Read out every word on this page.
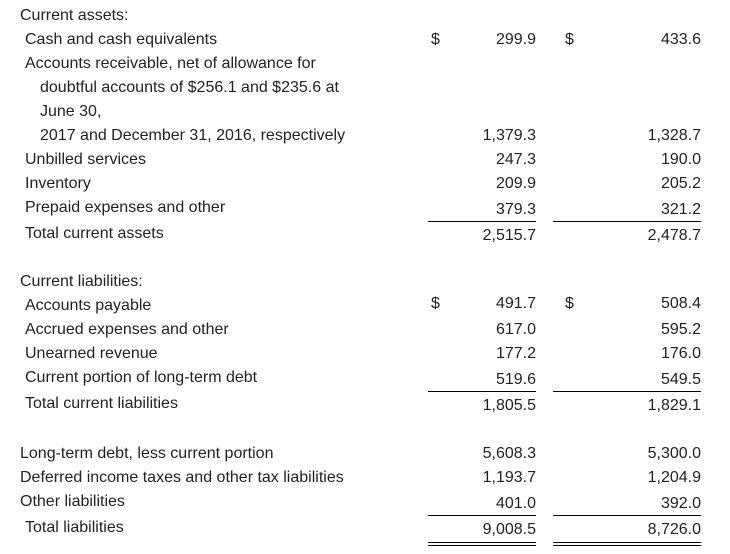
Current assets:
Cash and cash equivalents	$	299.9 $	433.6
Accounts receivable, net of allowance for
doubtful accounts of $256.1 and $235.6 at
June 30,
2017 and December 31, 2016, respectively	1,379.3	1,328.7
Unbilled services	247.3	190.0
Inventory	209.9	205.2
Prepaid expenses and other	379.3	321.2
Total current assets	2,515.7	2,478.7
Current liabilities:
Accounts payable	$	491.7 $	508.4
Accrued expenses and other	617.0	595.2
Unearned revenue	177.2	176.0
Current portion of long-term debt	519.6	549.5
Total current liabilities	1,805.5	1,829.1
Long-term debt, less current portion	5,608.3	5,300.0
Deferred income taxes and other tax liabilities	1,193.7	1,204.9
Other liabilities	401.0	392.0
Total liabilities	9,008.5	8,726.0
